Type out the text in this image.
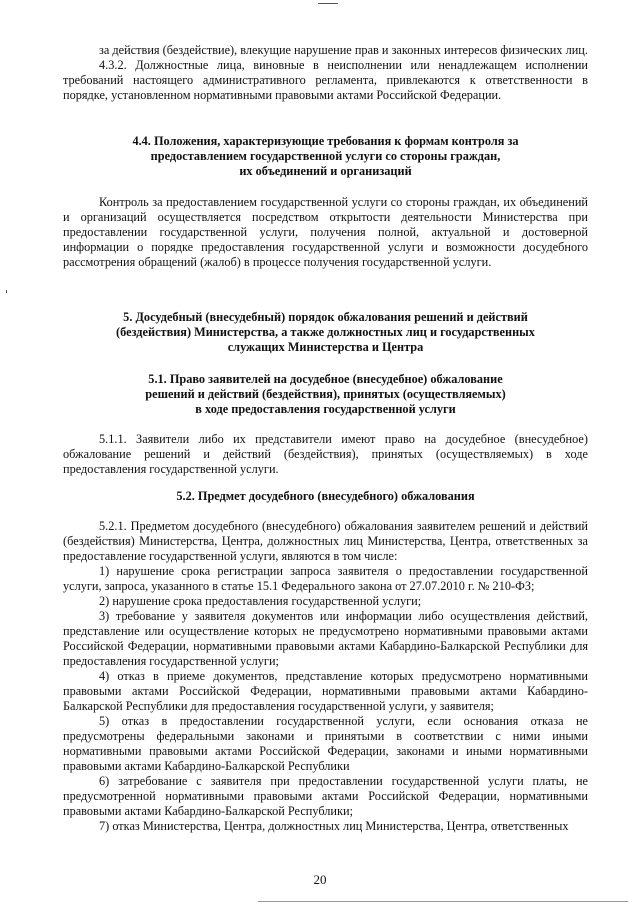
за действия (бездействие), влекущие нарушение прав и законных интересов физических лиц.

4.3.2. Должностные лица, виновные в неисполнении или ненадлежащем исполнении требований настоящего административного регламента, привлекаются к ответственности в порядке, установленном нормативными правовыми актами Российской Федерации.

4.4. Положения, характеризующие требования к формам контроля за

предоставлением государственной услуги со стороны граждан,

их объединений и организаций

Контроль за предоставлением государственной услуги со стороны граждан, их объединений и организаций осуществляется посредством открытости деятельности Министерства при предоставлении государственной услуги, получения полной, актуальной и достоверной информации о порядке предоставления государственной услуги и возможности досудебного рассмотрения обращений (жалоб) в процессе получения государственной услуги.

5. Досудебный (внесудебный) порядок обжалования решений и действий

(бездействия) Министерства, а также должностных лиц и государственных

служащих Министерства и Центра

5.1. Право заявителей на досудебное (внесудебное) обжалование

решений и действий (бездействия), принятых (осуществляемых)

в ходе предоставления государственной услуги

5.1.1. Заявители либо их представители имеют право на досудебное (внесудебное) обжалование решений и действий (бездействия), принятых (осуществляемых) в ходе предоставления государственной услуги.

5.2. Предмет досудебного (внесудебного) обжалования

5.2.1. Предметом досудебного (внесудебного) обжалования заявителем решений и действий (бездействия) Министерства, Центра, должностных лиц Министерства, Центра, ответственных за предоставление государственной услуги, являются в том числе:

1) нарушение срока регистрации запроса заявителя о предоставлении государственной услуги, запроса, указанного в статье 15.1 Федерального закона от 27.07.2010 г. № 210-ФЗ;

2) нарушение срока предоставления государственной услуги;

3) требование у заявителя документов или информации либо осуществления действий, представление или осуществление которых не предусмотрено нормативными правовыми актами Российской Федерации, нормативными правовыми актами Кабардино-Балкарской Республики для предоставления государственной услуги;

4) отказ в приеме документов, представление которых предусмотрено нормативными правовыми актами Российской Федерации, нормативными правовыми актами Кабардино-Балкарской Республики для предоставления государственной услуги, у заявителя;

5) отказ в предоставлении государственной услуги, если основания отказа не предусмотрены федеральными законами и принятыми в соответствии с ними иными нормативными правовыми актами Российской Федерации, законами и иными нормативными правовыми актами Кабардино-Балкарской Республики

6) затребование с заявителя при предоставлении государственной услуги платы, не предусмотренной нормативными правовыми актами Российской Федерации, нормативными правовыми актами Кабардино-Балкарской Республики;

7) отказ Министерства, Центра, должностных лиц Министерства, Центра, ответственных

20
